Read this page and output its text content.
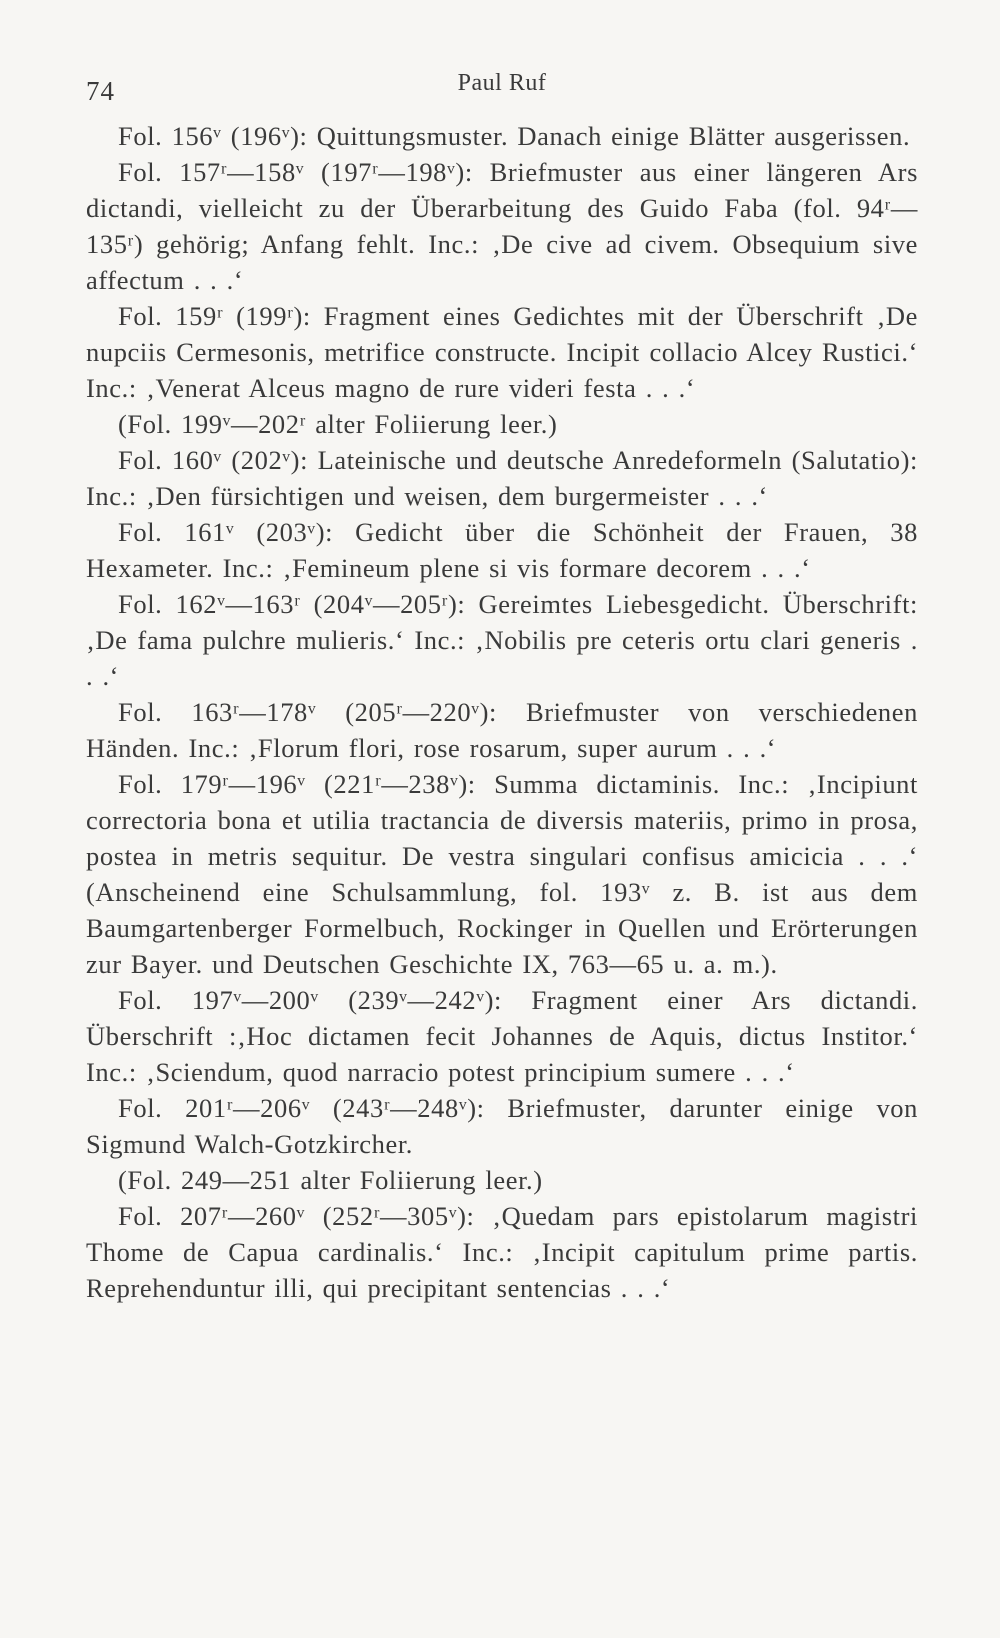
74	Paul Ruf

Fol. 156ᵛ (196ᵛ): Quittungsmuster. Danach einige Blätter ausgerissen.

Fol. 157ʳ—158ᵛ (197ʳ—198ᵛ): Briefmuster aus einer längeren Ars dictandi, vielleicht zu der Überarbeitung des Guido Faba (fol. 94ʳ—135ʳ) gehörig; Anfang fehlt. Inc.: ‚De cive ad civem. Obsequium sive affectum . . .‘

Fol. 159ʳ (199ʳ): Fragment eines Gedichtes mit der Überschrift ‚De nupciis Cermesonis, metrifice constructe. Incipit collacio Alcey Rustici.‘ Inc.: ‚Venerat Alceus magno de rure videri festa . . .‘

(Fol. 199ᵛ—202ʳ alter Foliierung leer.)

Fol. 160ᵛ (202ᵛ): Lateinische und deutsche Anredeformeln (Salutatio): Inc.: ‚Den fürsichtigen und weisen, dem burgermeister . . .‘

Fol. 161ᵛ (203ᵛ): Gedicht über die Schönheit der Frauen, 38 Hexameter. Inc.: ‚Femineum plene si vis formare decorem . . .‘

Fol. 162ᵛ—163ʳ (204ᵛ—205ʳ): Gereimtes Liebesgedicht. Überschrift: ‚De fama pulchre mulieris.‘ Inc.: ‚Nobilis pre ceteris ortu clari generis . . .‘

Fol. 163ʳ—178ᵛ (205ʳ—220ᵛ): Briefmuster von verschiedenen Händen. Inc.: ‚Florum flori, rose rosarum, super aurum . . .‘

Fol. 179ʳ—196ᵛ (221ʳ—238ᵛ): Summa dictaminis. Inc.: ‚Incipiunt correctoria bona et utilia tractancia de diversis materiis, primo in prosa, postea in metris sequitur. De vestra singulari confisus amicicia . . .‘ (Anscheinend eine Schulsammlung, fol. 193ᵛ z. B. ist aus dem Baumgartenberger Formelbuch, Rockinger in Quellen und Erörterungen zur Bayer. und Deutschen Geschichte IX, 763—65 u. a. m.).

Fol. 197ᵛ—200ᵛ (239ᵛ—242ᵛ): Fragment einer Ars dictandi. Überschrift :‚Hoc dictamen fecit Johannes de Aquis, dictus Institor.‘ Inc.: ‚Sciendum, quod narracio potest principium sumere . . .‘

Fol. 201ʳ—206ᵛ (243ʳ—248ᵛ): Briefmuster, darunter einige von Sigmund Walch-Gotzkircher.

(Fol. 249—251 alter Foliierung leer.)

Fol. 207ʳ—260ᵛ (252ʳ—305ᵛ): ‚Quedam pars epistolarum magistri Thome de Capua cardinalis.‘ Inc.: ‚Incipit capitulum prime partis. Reprehenduntur illi, qui precipitant sentencias . . .‘
